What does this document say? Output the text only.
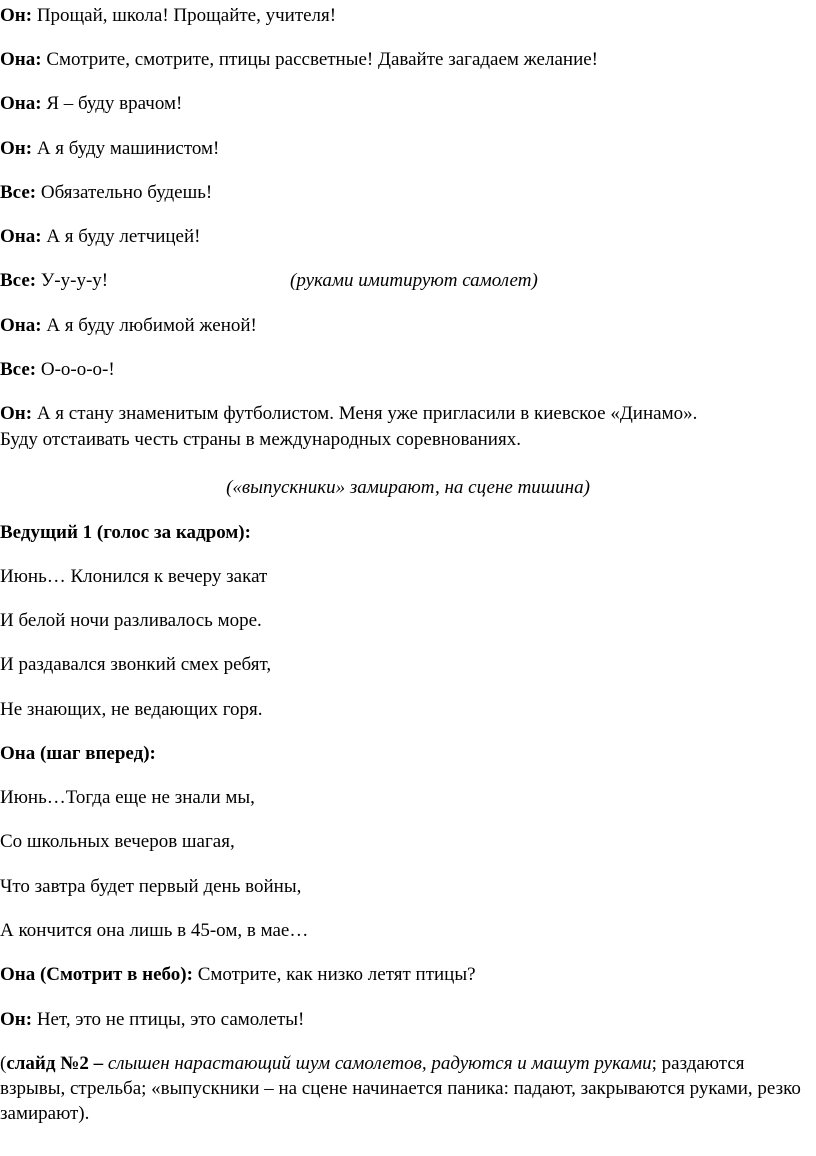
Он: Прощай, школа! Прощайте, учителя!
Она: Смотрите, смотрите, птицы рассветные! Давайте загадаем желание!
Она: Я – буду врачом!
Он: А я буду машинистом!
Все: Обязательно будешь!
Она: А я буду летчицей!
Все: У-у-у-у!	(руками имитируют самолет)
Она: А я буду любимой женой!
Все: О-о-о-о-!
Он: А я стану знаменитым футболистом. Меня уже пригласили в киевское «Динамо».
Буду отстаивать честь страны в международных соревнованиях.
(«выпускники» замирают, на сцене тишина)
Ведущий 1 (голос за кадром):
Июнь… Клонился к вечеру закат
И белой ночи разливалось море.
И раздавался звонкий смех ребят,
Не знающих, не ведающих горя.
Она (шаг вперед):
Июнь…Тогда еще не знали мы,
Со школьных вечеров шагая,
Что завтра будет первый день войны,
А кончится она лишь в 45-ом, в мае…
Она (Смотрит в небо): Смотрите, как низко летят птицы?
Он: Нет, это не птицы, это самолеты!
(слайд №2 – слышен нарастающий шум самолетов, радуются и машут руками; раздаются взрывы, стрельба; «выпускники – на сцене начинается паника: падают, закрываются руками, резко замирают).
